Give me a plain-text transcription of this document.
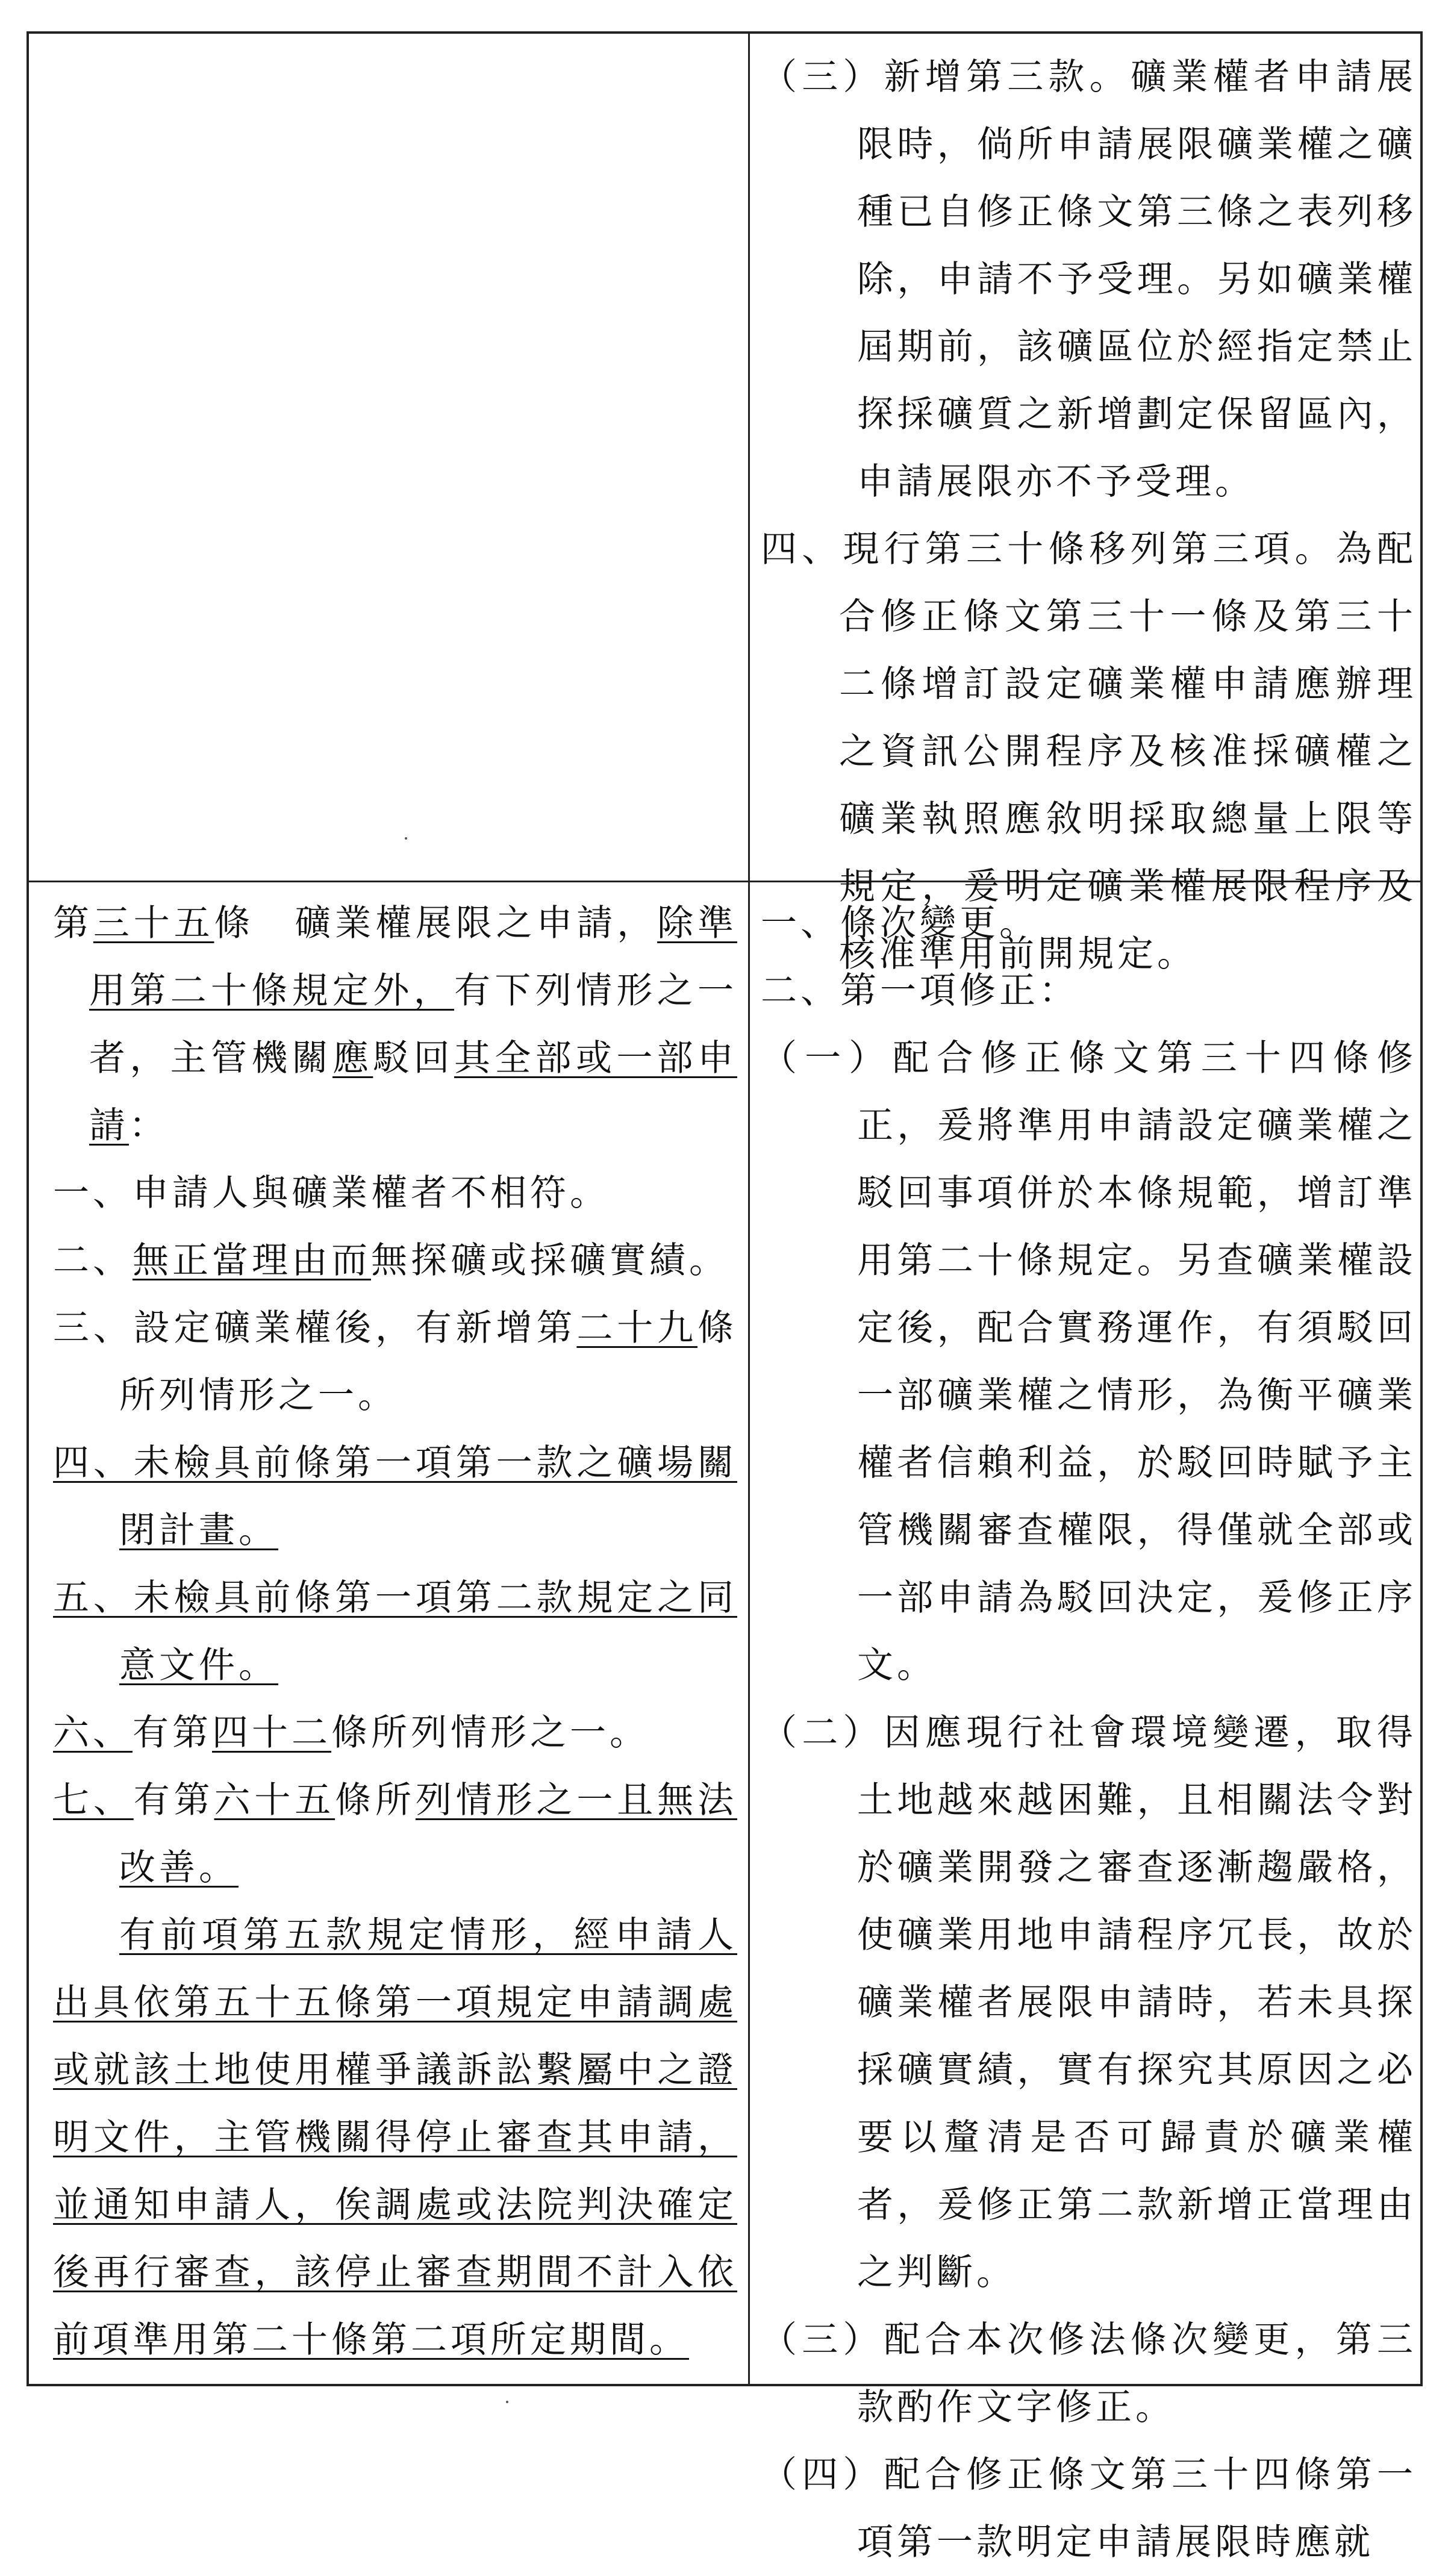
（三）新增第三款。礦業權者申請展限時，倘所申請展限礦業權之礦種已自修正條文第三條之表列移除，申請不予受理。另如礦業權屆期前，該礦區位於經指定禁止探採礦質之新增劃定保留區內，申請展限亦不予受理。

四、現行第三十條移列第三項。為配合修正條文第三十一條及第三十二條增訂設定礦業權申請應辦理之資訊公開程序及核准採礦權之礦業執照應敘明採取總量上限等規定，爰明定礦業權展限程序及核准準用前開規定。

第三十五條　礦業權展限之申請，除準用第二十條規定外，有下列情形之一者，主管機關應駁回其全部或一部申請：

一、申請人與礦業權者不相符。

二、無正當理由而無探礦或採礦實績。

三、設定礦業權後，有新增第二十九條所列情形之一。

四、未檢具前條第一項第一款之礦場關閉計畫。

五、未檢具前條第一項第二款規定之同意文件。

六、有第四十二條所列情形之一。

七、有第六十五條所列情形之一且無法改善。

有前項第五款規定情形，經申請人出具依第五十五條第一項規定申請調處或就該土地使用權爭議訴訟繫屬中之證明文件，主管機關得停止審查其申請，並通知申請人，俟調處或法院判決確定後再行審查，該停止審查期間不計入依前項準用第二十條第二項所定期間。

一、條次變更。

二、第一項修正：

（一）配合修正條文第三十四條修正，爰將準用申請設定礦業權之駁回事項併於本條規範，增訂準用第二十條規定。另查礦業權設定後，配合實務運作，有須駁回一部礦業權之情形，為衡平礦業權者信賴利益，於駁回時賦予主管機關審查權限，得僅就全部或一部申請為駁回決定，爰修正序文。

（二）因應現行社會環境變遷，取得土地越來越困難，且相關法令對於礦業開發之審查逐漸趨嚴格，使礦業用地申請程序冗長，故於礦業權者展限申請時，若未具探採礦實績，實有探究其原因之必要以釐清是否可歸責於礦業權者，爰修正第二款新增正當理由之判斷。

（三）配合本次修法條次變更，第三款酌作文字修正。

（四）配合修正條文第三十四條第一項第一款明定申請展限時應就
